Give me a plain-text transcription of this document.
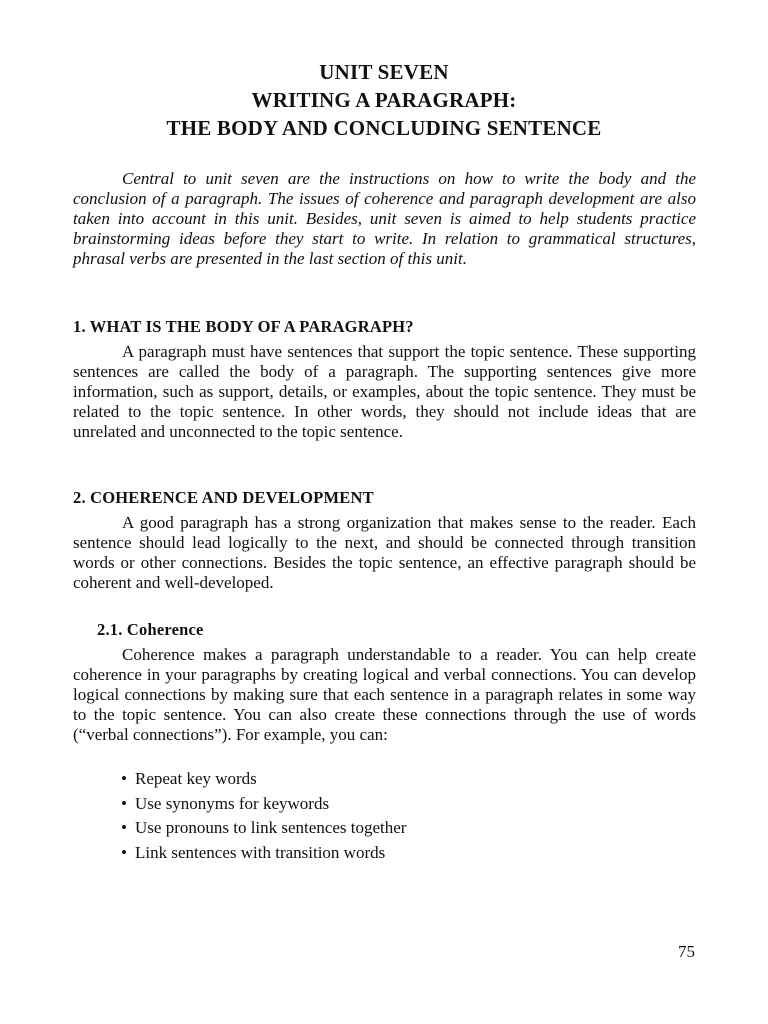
UNIT SEVEN
WRITING A PARAGRAPH:
THE BODY AND CONCLUDING SENTENCE
Central to unit seven are the instructions on how to write the body and the conclusion of a paragraph. The issues of coherence and paragraph development are also taken into account in this unit. Besides, unit seven is aimed to help students practice brainstorming ideas before they start to write. In relation to grammatical structures, phrasal verbs are presented in the last section of this unit.
1. WHAT IS THE BODY OF A PARAGRAPH?
A paragraph must have sentences that support the topic sentence. These supporting sentences are called the body of a paragraph. The supporting sentences give more information, such as support, details, or examples, about the topic sentence. They must be related to the topic sentence. In other words, they should not include ideas that are unrelated and unconnected to the topic sentence.
2. COHERENCE AND DEVELOPMENT
A good paragraph has a strong organization that makes sense to the reader. Each sentence should lead logically to the next, and should be connected through transition words or other connections. Besides the topic sentence, an effective paragraph should be coherent and well-developed.
2.1. Coherence
Coherence makes a paragraph understandable to a reader. You can help create coherence in your paragraphs by creating logical and verbal connections. You can develop logical connections by making sure that each sentence in a paragraph relates in some way to the topic sentence. You can also create these connections through the use of words (“verbal connections”). For example, you can:
• Repeat key words
• Use synonyms for keywords
• Use pronouns to link sentences together
• Link sentences with transition words
75
